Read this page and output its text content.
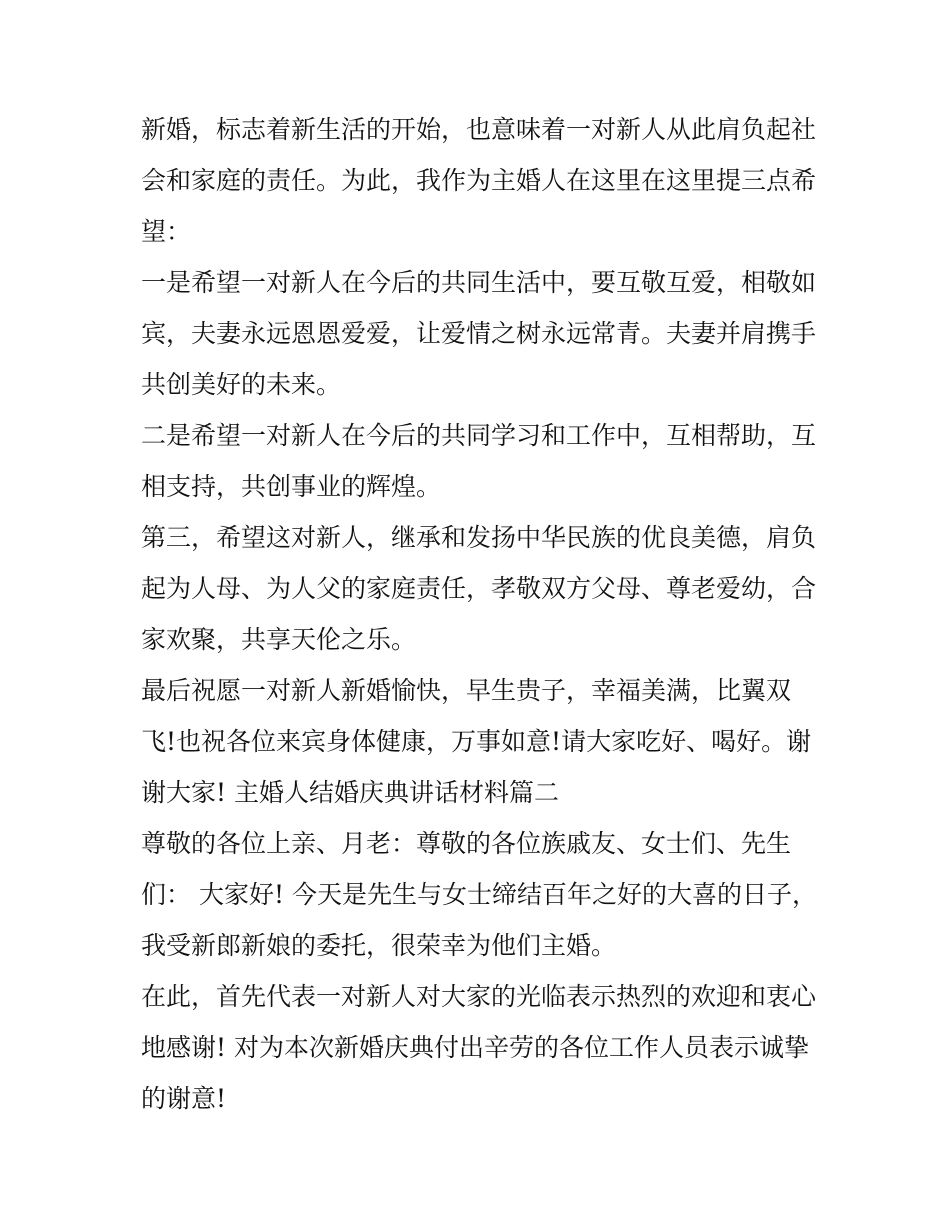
新婚，标志着新生活的开始，也意味着一对新人从此肩负起社
会和家庭的责任。为此，我作为主婚人在这里在这里提三点希
望：

一是希望一对新人在今后的共同生活中，要互敬互爱，相敬如
宾，夫妻永远恩恩爱爱，让爱情之树永远常青。夫妻并肩携手
共创美好的未来。

二是希望一对新人在今后的共同学习和工作中，互相帮助，互
相支持，共创事业的辉煌。

第三，希望这对新人，继承和发扬中华民族的优良美德，肩负
起为人母、为人父的家庭责任，孝敬双方父母、尊老爱幼，合
家欢聚，共享天伦之乐。

最后祝愿一对新人新婚愉快，早生贵子，幸福美满，比翼双
飞!也祝各位来宾身体健康，万事如意!请大家吃好、喝好。谢
谢大家! 主婚人结婚庆典讲话材料篇二

尊敬的各位上亲、月老：尊敬的各位族戚友、女士们、先生
们： 大家好! 今天是先生与女士缔结百年之好的大喜的日子，
我受新郎新娘的委托，很荣幸为他们主婚。

在此，首先代表一对新人对大家的光临表示热烈的欢迎和衷心
地感谢! 对为本次新婚庆典付出辛劳的各位工作人员表示诚挚
的谢意!
